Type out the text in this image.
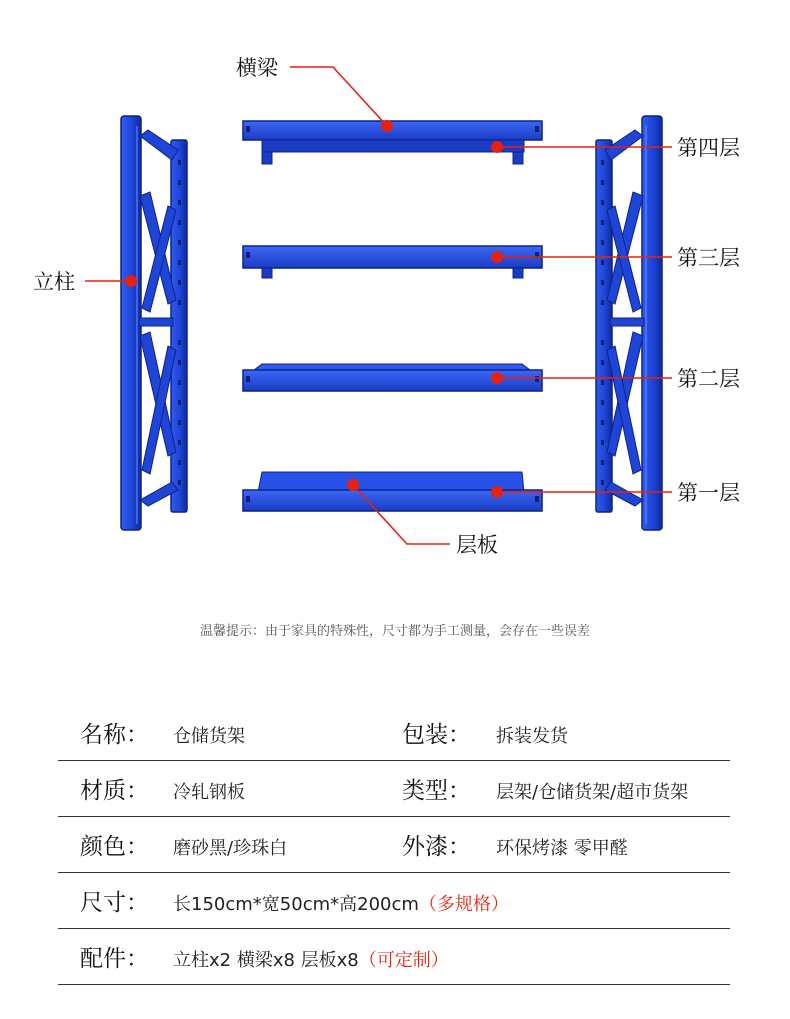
横梁
立柱
第四层
第三层
第二层
第一层
层板
温馨提示：由于家具的特殊性，尺寸都为手工测量，会存在一些误差
名称： 仓储货架	包装： 拆装发货
材质： 冷轧钢板	类型： 层架/仓储货架/超市货架
颜色： 磨砂黑/珍珠白	外漆： 环保烤漆 零甲醛
尺寸： 长150cm*宽50cm*高200cm（多规格）
配件： 立柱x2 横梁x8 层板x8（可定制）
